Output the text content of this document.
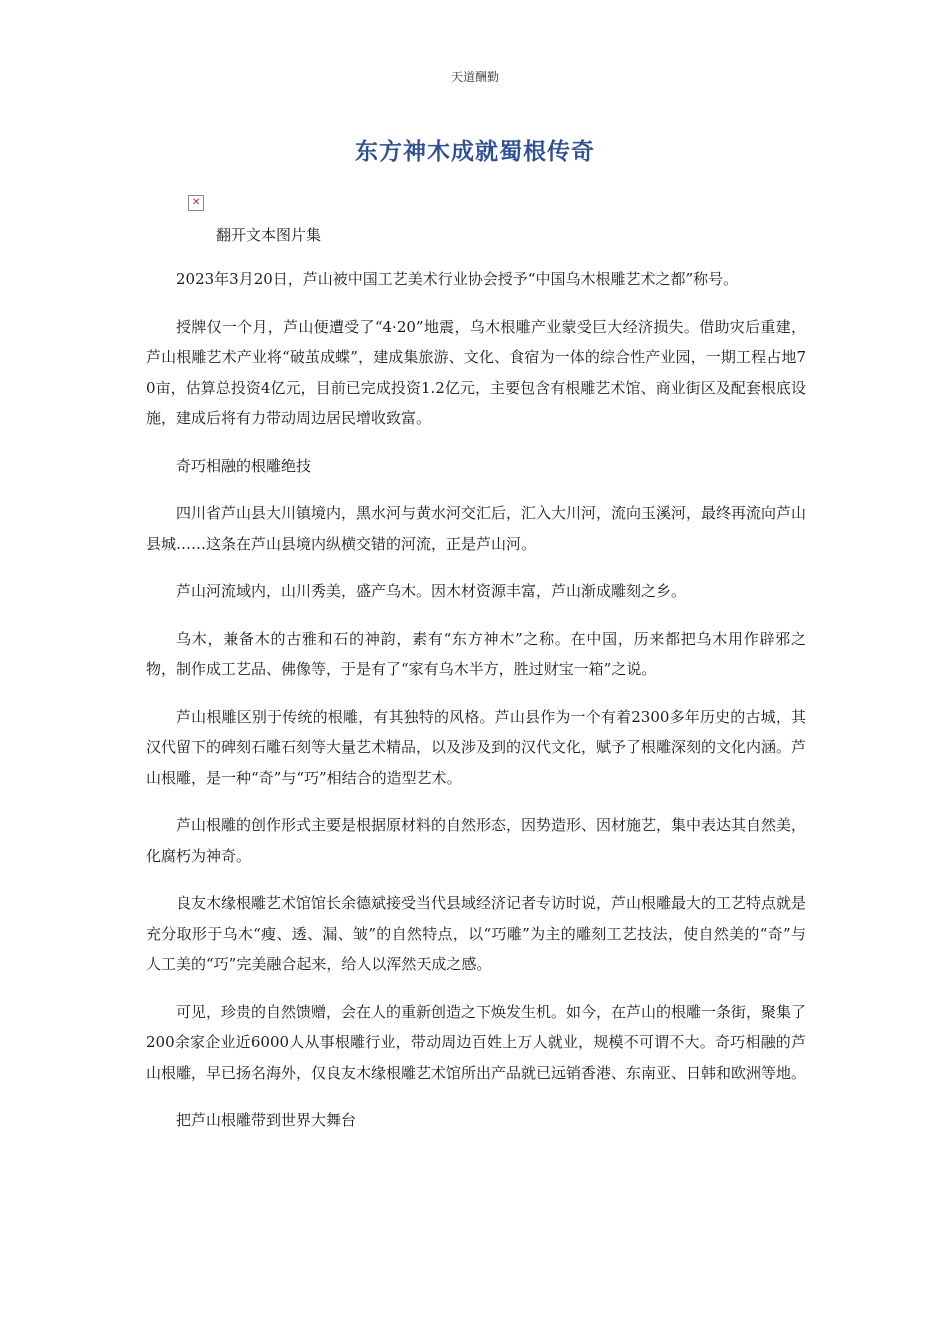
天道酬勤
东方神木成就蜀根传奇
✕
翻开文本图片集

2023年3月20日，芦山被中国工艺美术行业协会授予“中国乌木根雕艺术之都”称号。

授牌仅一个月，芦山便遭受了“4·20”地震，乌木根雕产业蒙受巨大经济损失。借助灾后重建，芦山根雕艺术产业将“破茧成蝶”，建成集旅游、文化、食宿为一体的综合性产业园，一期工程占地70亩，估算总投资4亿元，目前已完成投资1.2亿元，主要包含有根雕艺术馆、商业街区及配套根底设施，建成后将有力带动周边居民增收致富。

奇巧相融的根雕绝技

四川省芦山县大川镇境内，黑水河与黄水河交汇后，汇入大川河，流向玉溪河，最终再流向芦山县城……这条在芦山县境内纵横交错的河流，正是芦山河。

芦山河流域内，山川秀美，盛产乌木。因木材资源丰富，芦山渐成雕刻之乡。

乌木，兼备木的古雅和石的神韵，素有“东方神木”之称。在中国，历来都把乌木用作辟邪之物，制作成工艺品、佛像等，于是有了“家有乌木半方，胜过财宝一箱”之说。

芦山根雕区别于传统的根雕，有其独特的风格。芦山县作为一个有着2300多年历史的古城，其汉代留下的碑刻石雕石刻等大量艺术精品，以及涉及到的汉代文化，赋予了根雕深刻的文化内涵。芦山根雕，是一种“奇”与“巧”相结合的造型艺术。

芦山根雕的创作形式主要是根据原材料的自然形态，因势造形、因材施艺，集中表达其自然美，化腐朽为神奇。

良友木缘根雕艺术馆馆长余德斌接受当代县域经济记者专访时说，芦山根雕最大的工艺特点就是充分取形于乌木“瘦、透、漏、皱”的自然特点，以“巧雕”为主的雕刻工艺技法，使自然美的“奇”与人工美的“巧”完美融合起来，给人以浑然天成之感。

可见，珍贵的自然馈赠，会在人的重新创造之下焕发生机。如今，在芦山的根雕一条街，聚集了200余家企业近6000人从事根雕行业，带动周边百姓上万人就业，规模不可谓不大。奇巧相融的芦山根雕，早已扬名海外，仅良友木缘根雕艺术馆所出产品就已远销香港、东南亚、日韩和欧洲等地。

把芦山根雕带到世界大舞台
